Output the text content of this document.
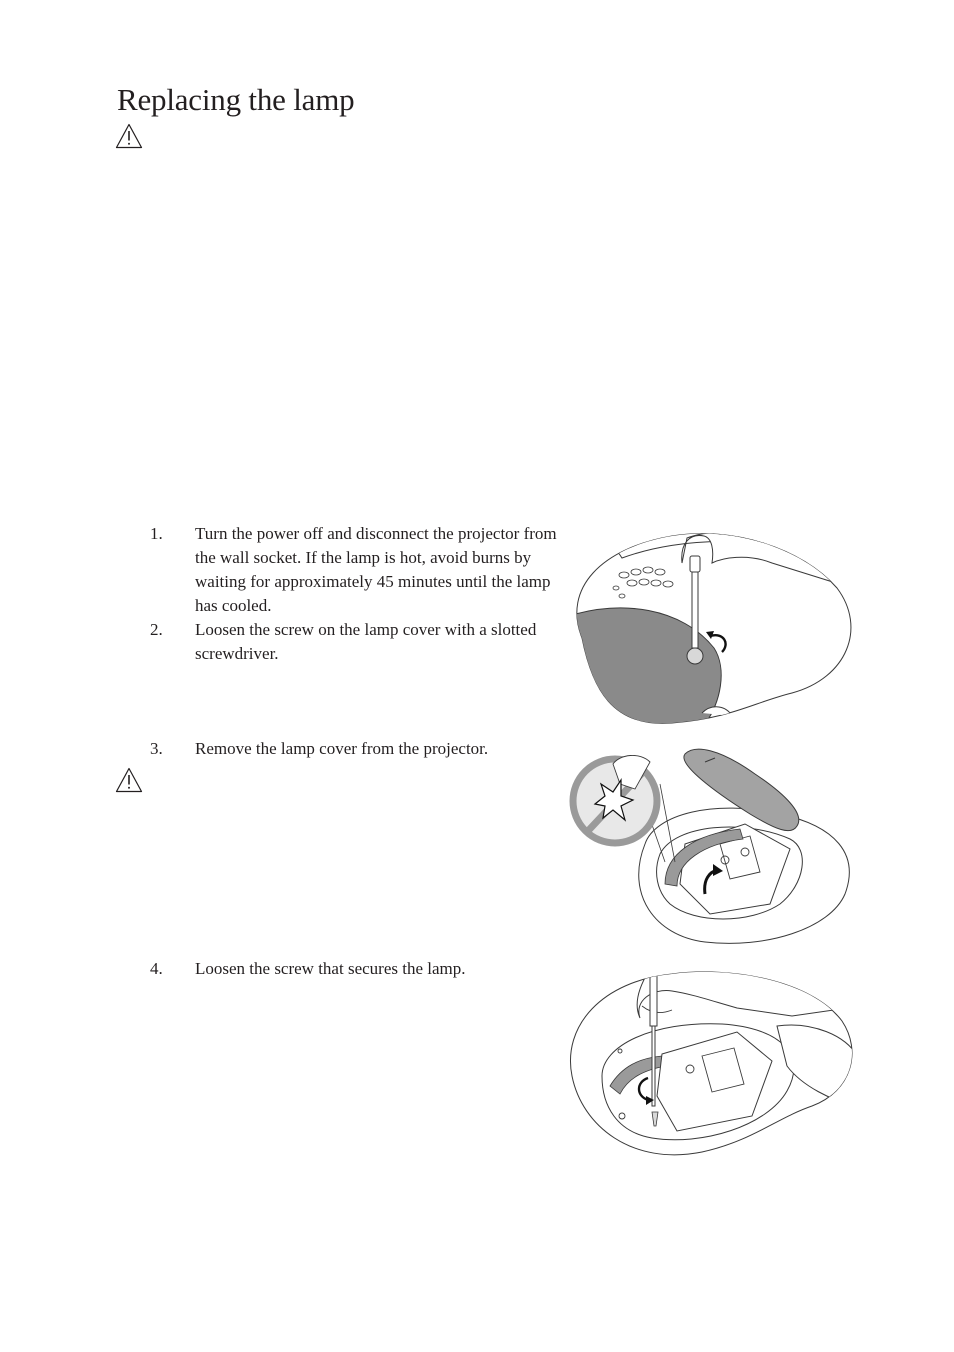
Replacing the lamp
1. Turn the power off and disconnect the projector from the wall socket. If the lamp is hot, avoid burns by waiting for approximately 45 minutes until the lamp has cooled.
2. Loosen the screw on the lamp cover with a slotted screwdriver.
3. Remove the lamp cover from the projector.
4. Loosen the screw that secures the lamp.
